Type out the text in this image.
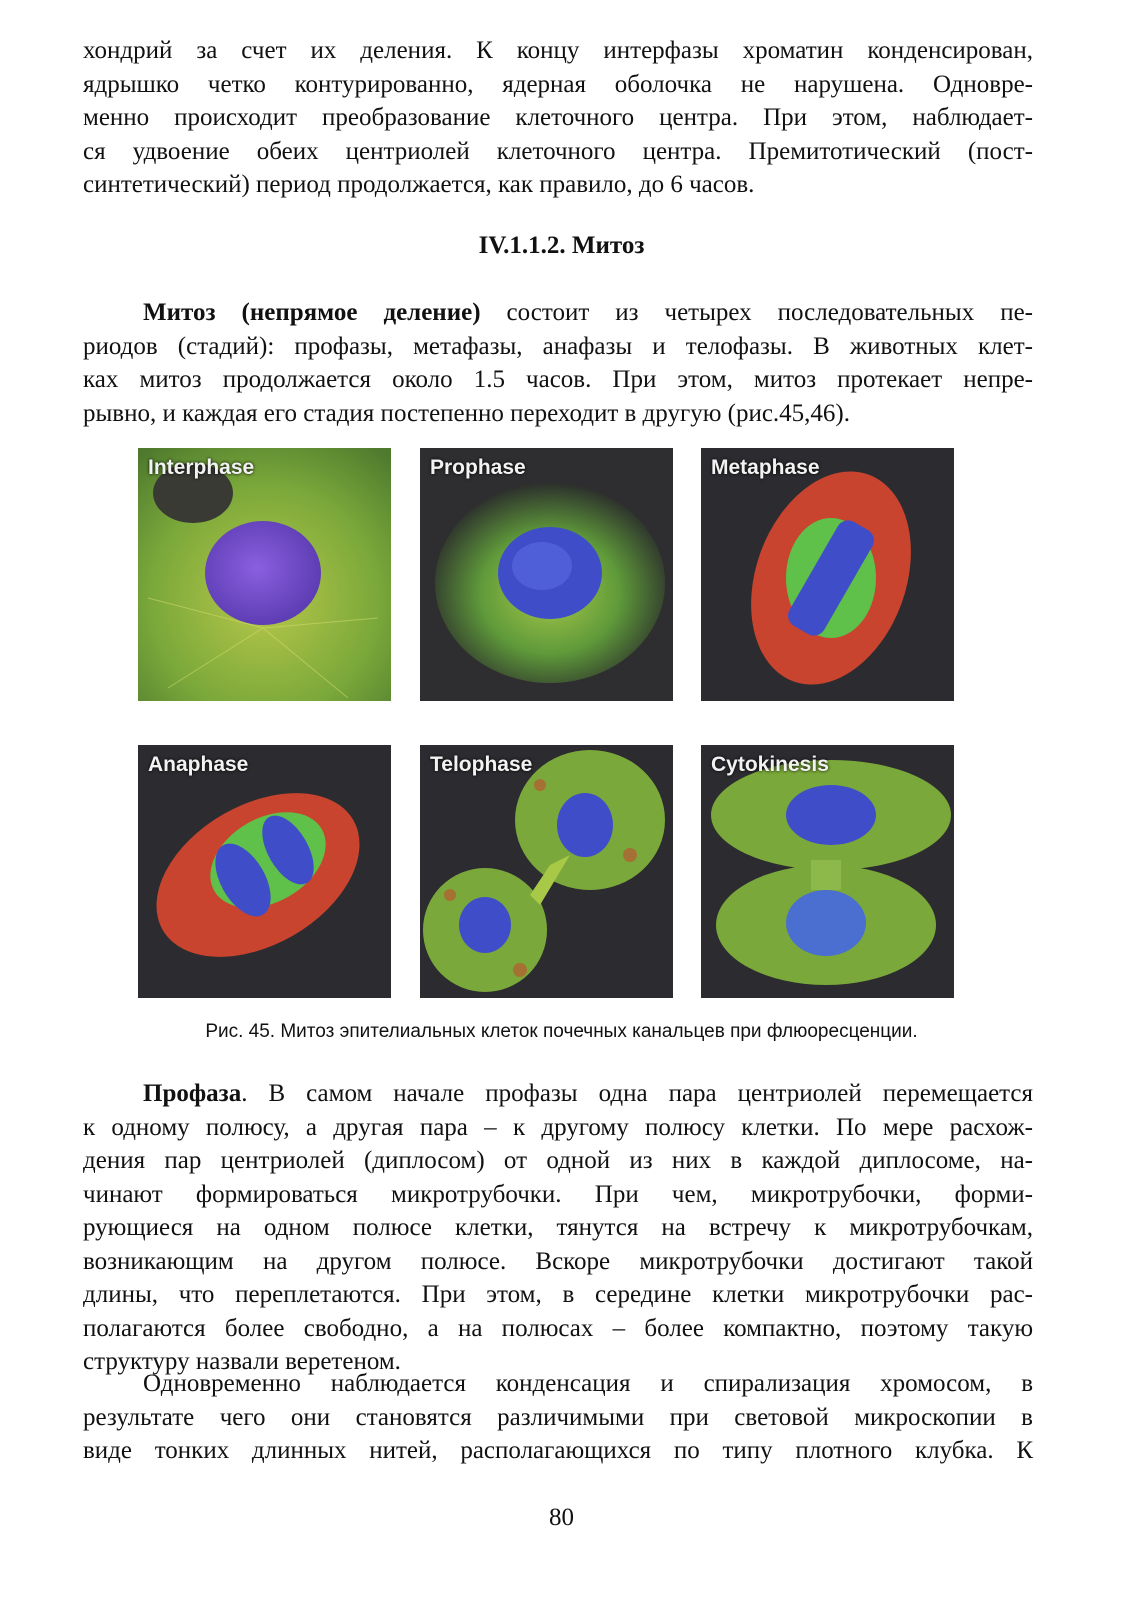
хондрий за счет их деления. К концу интерфазы хроматин конденсирован,
ядрышко четко контурированно, ядерная оболочка не нарушена. Одновре-
менно происходит преобразование клеточного центра. При этом, наблюдает-
ся удвоение обеих центриолей клеточного центра. Премитотический (пост-
синтетический) период продолжается, как правило, до 6 часов.

IV.1.1.2. Митоз

Митоз (непрямое деление) состоит из четырех последовательных пе-
риодов (стадий): профазы, метафазы, анафазы и телофазы. В животных клет-
ках митоз продолжается около 1.5 часов. При этом, митоз протекает непре-
рывно, и каждая его стадия постепенно переходит в другую (рис.45,46).

Interphase	Prophase	Metaphase
Anaphase	Telophase	Cytokinesis

Рис. 45. Митоз эпителиальных клеток почечных канальцев при флюоресценции.

Профаза. В самом начале профазы одна пара центриолей перемещается
к одному полюсу, а другая пара – к другому полюсу клетки. По мере расхож-
дения пар центриолей (диплосом) от одной из них в каждой диплосоме, на-
чинают формироваться микротрубочки. При чем, микротрубочки, форми-
рующиеся на одном полюсе клетки, тянутся на встречу к микротрубочкам,
возникающим на другом полюсе. Вскоре микротрубочки достигают такой
длины, что переплетаются. При этом, в середине клетки микротрубочки рас-
полагаются более свободно, а на полюсах – более компактно, поэтому такую
структуру назвали веретеном.

Одновременно наблюдается конденсация и спирализация хромосом, в
результате чего они становятся различимыми при световой микроскопии в
виде тонких длинных нитей, располагающихся по типу плотного клубка. К

80
